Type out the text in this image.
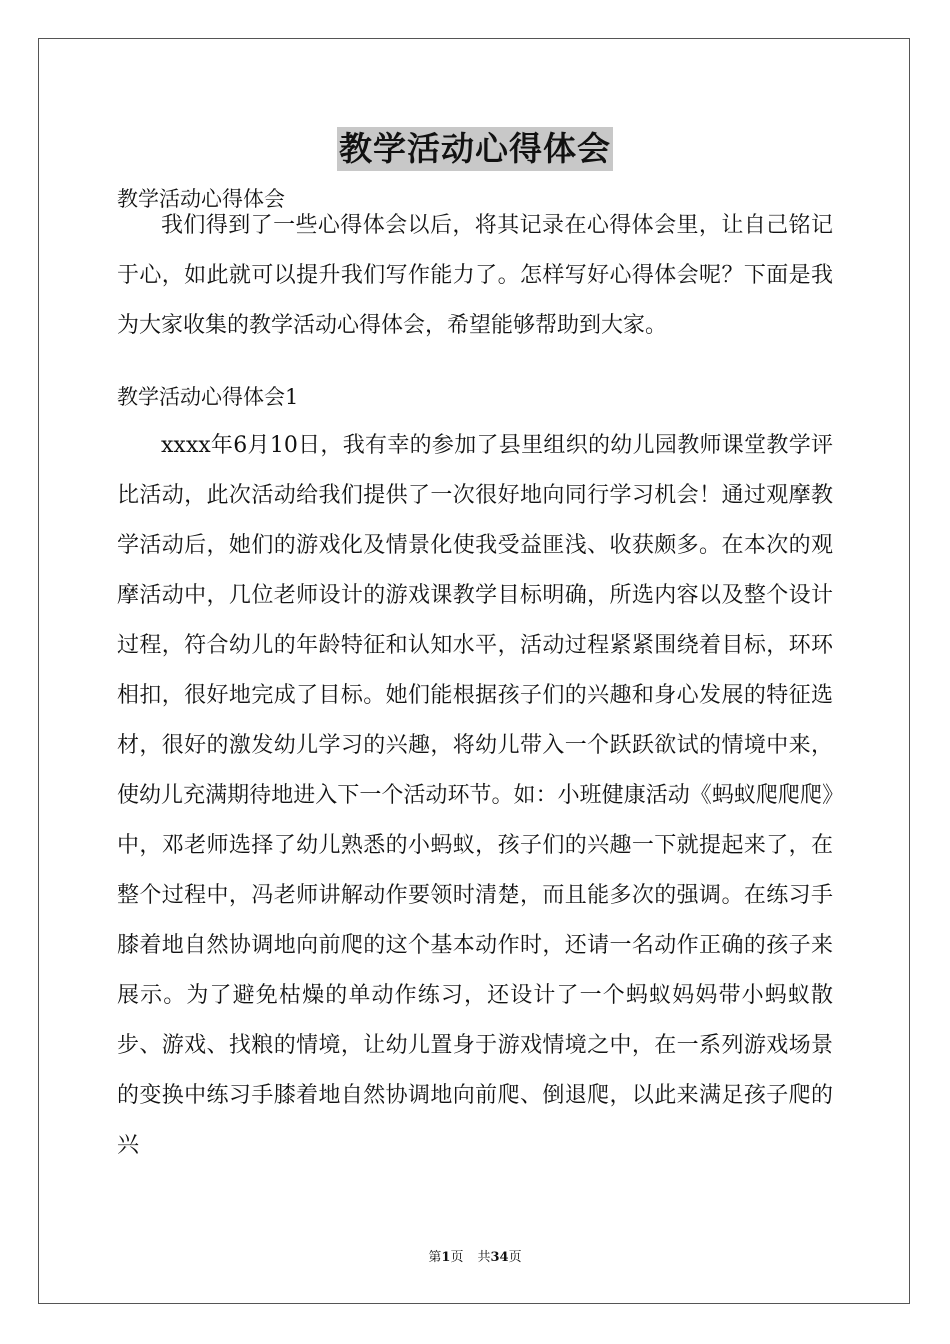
教学活动心得体会

教学活动心得体会

我们得到了一些心得体会以后，将其记录在心得体会里，让自己铭记于心，如此就可以提升我们写作能力了。怎样写好心得体会呢？下面是我为大家收集的教学活动心得体会，希望能够帮助到大家。

教学活动心得体会1

xxxx年6月10日，我有幸的参加了县里组织的幼儿园教师课堂教学评比活动，此次活动给我们提供了一次很好地向同行学习机会！通过观摩教学活动后，她们的游戏化及情景化使我受益匪浅、收获颇多。在本次的观摩活动中，几位老师设计的游戏课教学目标明确，所选内容以及整个设计过程，符合幼儿的年龄特征和认知水平，活动过程紧紧围绕着目标，环环相扣，很好地完成了目标。她们能根据孩子们的兴趣和身心发展的特征选材，很好的激发幼儿学习的兴趣，将幼儿带入一个跃跃欲试的情境中来，使幼儿充满期待地进入下一个活动环节。如：小班健康活动《蚂蚁爬爬爬》中，邓老师选择了幼儿熟悉的小蚂蚁，孩子们的兴趣一下就提起来了，在整个过程中，冯老师讲解动作要领时清楚，而且能多次的强调。在练习手膝着地自然协调地向前爬的这个基本动作时，还请一名动作正确的孩子来展示。为了避免枯燥的单动作练习，还设计了一个蚂蚁妈妈带小蚂蚁散步、游戏、找粮的情境，让幼儿置身于游戏情境之中，在一系列游戏场景的变换中练习手膝着地自然协调地向前爬、倒退爬，以此来满足孩子爬的兴

第1页 共34页
